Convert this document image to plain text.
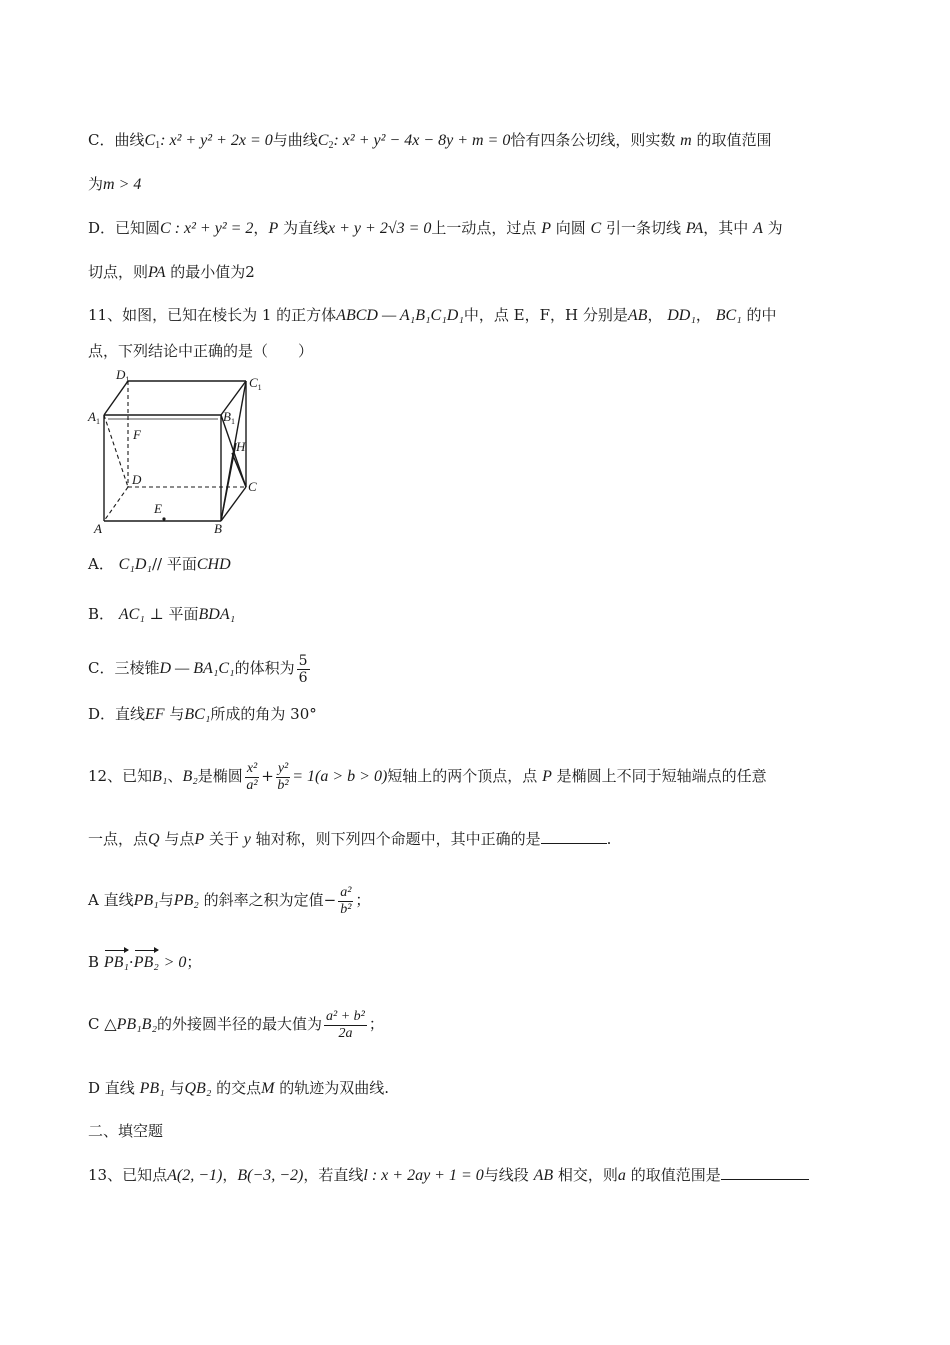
C．曲线$C_1$: x² + y² + 2x = 0与曲线$C_2$: x² + y² − 4x − 8y + m = 0恰有四条公切线，则实数 m 的取值范围
为m > 4
D．已知圆C : x² + y² = 2，P 为直线x + y + 2√3 = 0上一动点，过点 P 向圆 C 引一条切线 PA，其中 A 为
切点，则PA 的最小值为2
11、如图，已知在棱长为 1 的正方体ABCD — A₁B₁C₁D₁中，点 E，F，H 分别是AB， DD₁， BC₁ 的中
点，下列结论中正确的是（　　）
$D_1$	$C_1$
$A_1$	$B_1$
F
H
D	C
A
E
B
A． C₁D₁// 平面CHD
B． AC₁ ⊥ 平面BDA₁
C．三棱锥D — BA₁C₁的体积为 $\frac{5}{6}$
D．直线EF 与BC₁所成的角为 30°
12、已知B₁、B₂是椭圆 $\frac{\text{x²}}{\text{a²}} + \frac{\text{y²}}{\text{b²}} = 1(a > b > 0)$短轴上的两个顶点，点 P 是椭圆上不同于短轴端点的任意
一点，点Q 与点P 关于 y 轴对称，则下列四个命题中，其中正确的是	.
A 直线PB₁与PB₂ 的斜率之积为定值− $\frac{\text{a²}}{\text{b²}}$ ；
B PB₁·PB₂ > 0；
C △PB₁B₂的外接圆半径的最大值为 $\frac{\text{a² + b²}}{2a}$ ；
D 直线 PB₁ 与QB₂ 的交点M 的轨迹为双曲线.
二、填空题
13、已知点A(2, −1)，B(−3, −2)，若直线l : x + 2ay + 1 = 0与线段 AB 相交，则a 的取值范围是
